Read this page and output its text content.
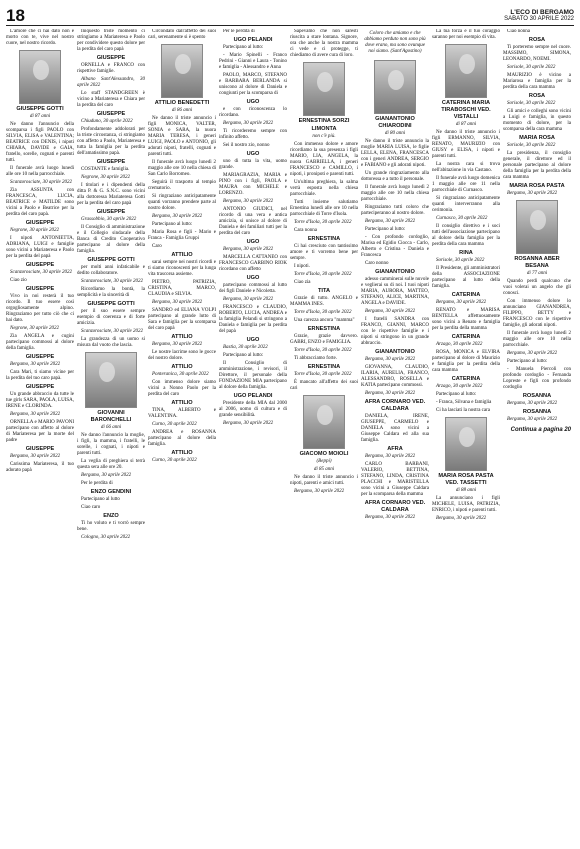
18	L'ECO DI BERGAMO
SABATO 30 APRILE 2022

L'amore che ci hai dato non è morto con te, vive nel nostro cuore, nel nostro ricordo.

GIUSEPPE GOTTI
di 87 anni

Ne danno l'annuncio della scomparsa i figli PAOLO con SILVIA, ELISA e VALENTINA; BEATRICE con DENIS, i nipoti CHIARA, DAVIDE e GAIA, fratello, sorelle, cognati e parenti tutti.

Il funerale avrà luogo lunedì alle ore 10 nella parrocchiale.

Scanzorosciate, 30 aprile 2022

Zia ASSUNTA con FRANCESCA, LUCIA, BEATRICE e MATILDE sono vicini a Paolo e Beatrice per la perdita del caro papà.

GIUSEPPE

Negrone, 30 aprile 2022

I nipoti ANTONIETTA, ADRIANA, LUIGI e famiglie sono vicini a Mariateresa e Paolo per la perdita del papà

GIUSEPPE

Scanzorosciate, 30 aprile 2022

Ciao zio

GIUSEPPE

Vivo in noi resterà il tuo ricordo. Il tuo essere così orgogliosamente alpino. Ringraziamo per tutto ciò che ci hai dato.

Negrone, 30 aprile 2022

Zia ANGELA e cugini partecipano commossi al dolore della famiglia.

GIUSEPPE

Bergamo, 30 aprile 2022

Cara Mari, ti siamo vicine per la perdita del tuo caro papà.

GIUSEPPE

Un grande abbraccio da tutte le tue girls SARA, PAOLA, LUISA, IRENE e CLORINDA.

Bergamo, 30 aprile 2022

ORNELLA e MARIO PAVONI partecipano con affetto al dolore di Mariateresa per la morte del padre

GIUSEPPE

Bergamo, 30 aprile 2022

Carissima Mariateresa, il tuo adorato papà

Iniquesto triste momento ci stringiamo a Mariateresa e Paolo per condividere questo dolore per la perdita del caro papà

GIUSEPPE

ORNELLA e FRANCO con rispettive famiglie.

Albano Sant'Alessandro, 30 aprile 2022

Lo staff STANDGREEN è vicino a Mariateresa e Chiara per la perdita del caro

GIUSEPPE

Chiuduno, 30 aprile 2022

Profondamente addolorati per la triste circostanza, ci stringiamo con affetto a Paolo, Mariateresa e tutta la famiglia per la perdita dell'amatissimo papà.

GIUSEPPE

COSTANTE e famiglia.

Negrone, 30 aprile 2022

I titolari e i dipendenti della ditta P. & G. S.N.C. sono vicini alla dottoressa Mariateresa Gotti per la perdita del caro papà

GIUSEPPE

Grassobbio, 30 aprile 2022

Il Consiglio di amministrazione e il Collegio sindacale della Banca di Credito Cooperativo partecipano al dolore della famiglia.

GIUSEPPE GOTTI

per molti anni infaticabile e dedito collaboratore.

Scanzorosciate, 30 aprile 2022

Ricordiamo la bontà, la semplicità e la sincerità di

GIUSEPPE GOTTI

per il suo essere sempre esempio di coerenza e di forte amicizia.

Scanzorosciate, 30 aprile 2022

La grandezza di un uomo si misura dal vuoto che lascia.

GIOVANNI BARONCHELLI
di 66 anni

Ne danno l'annuncio la moglie, i figli, la mamma, i fratelli, le sorelle, i cognati, i nipoti e parenti tutti.

La veglia di preghiera si terrà questa sera alle ore 20.

Bergamo, 30 aprile 2022

Per le perdita di

ENZO GENDINI

Partecipano al lutto

Ciao caro

ENZO

Ti ho voluto e ti vorrò sempre bene.

Cologno, 30 aprile 2022

Circondato dall'affetto dei suoi cari, serenamente si è spento

ATTILIO BENEDETTI
di 86 anni

Ne danno il triste annuncio i figli MONICA, VALTER, SONIA e SARA, la nuora MARIA TERESA, i generi LUIGI, PAOLO e ANTONIO, gli adorati nipoti, fratelli, cognati e parenti tutti.

Il funerale avrà luogo lunedì 2 maggio alle ore 10 nella chiesa di San Carlo Borromeo.

Seguirà il trasporto al tempio crematorio.

Si ringraziano anticipatamente quanti vorranno prendere parte al nostro dolore.

Bergamo, 30 aprile 2022

Partecipano al lutto:

Maria Rosa e figli - Mario e Franca - Famiglia Gruppi

Caro

ATTILIO

sarai sempre nei nostri ricordi e ti siamo riconoscenti per la lunga vita trascorsa assieme.

PIETRO, PATRIZIA, CRISTINA, MARCO, CLAUDIA e SILVIA.

Bergamo, 30 aprile 2022

SANDRO ed ELIANA VOLPI partecipano al grande lutto di Sara e famiglia per la scomparsa del caro papà

ATTILIO

Bergamo, 30 aprile 2022

Le nostre lacrime sono le gocce del nostro dolore.

ATTILIO

Ponteranica, 30 aprile 2022

Con immenso dolore siamo vicini a Nonno Paolo per la perdita del caro

ATTILIO

TINA, ALBERTO e VALENTINA.

Curno, 30 aprile 2022

ANDREA e ROSANNA partecipano al dolore della famiglia.

ATTILIO

Curno, 30 aprile 2022

Per le perdita di

UGO PELANDI

Partecipano al lutto:

- Mario Spinelli - Franco Pedrini - Gianni e Laura - Tonino e famiglia - Alessandro e Anna

PAOLO, MARCO, STEFANO e BARBARA BERLANDA si uniscono al dolore di Daniela e congiunti per la scomparsa di

UGO

e con riconoscenza lo ricordano.

Bergamo, 30 aprile 2022

Ti ricorderemo sempre con infinito affetto.

Sei il nostro zio, nonno

UGO

uno di tutta la vita, uomo grande.

MARIAGRAZIA, MARIA e PINO con i figli, PAOLA e MAURA con MICHELE e LORENZO.

Bergamo, 30 aprile 2022

ANTONIO GIUDICI, nel ricordo di una vera e antica amicizia, si unisce al dolore di Daniela e dei familiari tutti per la perdita del caro

UGO

Bergamo, 30 aprile 2022

MARCELLA CATTANEO con FRANCESCO GARBINO RIOK ricordano con affetto

UGO

partecipano commossi al lutto dei figli Daniele e Nicoletta.

Bergamo, 30 aprile 2022

FRANCESCO e CLAUDIO, ROBERTO, LUCIA, ANDREA e la famiglia Pelandi si stringono a Daniela e famiglia per la perdita del papà

UGO

Bastia, 30 aprile 2022

Partecipano al lutto:

Il Consiglio di amministrazione, i revisori, il Direttore, il personale della FONDAZIONE MIA partecipano al dolore della famiglia.

UGO PELANDI

Presidente della MIA dal 2000 al 2006, uomo di cultura e di grande sensibilità.

Bergamo, 30 aprile 2022

Sapevamo che non saresti riuscita a stare lontana. Signore, ora che anche la nostra mamma ci vede e ci protegge, ti chiediamo di avere cura di loro.

ERNESTINA SORZI
LIMONTA
non c'è più.

Con immenso dolore e amore ricordiamo la sua presenza i figli MARIO, LIA, ANGELA, la nuora GABRIELLA, i generi FRANCESCO e CAMILLO, i nipoti, i pronipoti e parenti tutti.

Un'ultima preghiera, la salma verrà esposta nella chiesa parrocchiale.

Tutti insieme salutiamo Ernestina lunedì alle ore 10 nella parrocchiale di Torre d'Isola.

Torre d'Isola, 30 aprile 2022

Cara nonna

ERNESTINA

Ci hai cresciuto con tantissimo amore e ti vorremo bene per sempre.

I nipoti.

Torre d'Isola, 30 aprile 2022

Ciao zia

TITA

Grazie di tutto. ANGELO e MAMMA INES.

Torre d'Isola, 30 aprile 2022

Una carezza ancora "mamma"

ERNESTINA

Grazie, grazie davvero. GABRI, ENZO e FAMIGLIA.

Torre d'Isola, 30 aprile 2022

Ti abbracciamo forte.

ERNESTINA

Torre d'Isola, 30 aprile 2022

È mancato all'affetto dei suoi cari

GIACOMO MOIOLI
(Beppi)
di 85 anni

Ne danno il triste annuncio i nipoti, parenti e amici tutti.

Bergamo, 30 aprile 2022

Coloro che amiamo e che abbiamo perduto non sono più dove erano, ma sono ovunque noi siamo. (Sant'Agostino)
GIANANTONIO CHIARODINI
di 80 anni

Ne danno il triste annuncio la moglie MARIA LUISA, le figlie LELLA, ELENA, FRANCESCA con i generi ANDREA, SERGIO e FABIANO e gli adorati nipoti.

Un grande ringraziamento alla dottoressa e a tutto il personale.

Il funerale avrà luogo lunedì 2 maggio alle ore 10 nella chiesa parrocchiale.

Ringraziamo tutti coloro che parteciperanno al nostro dolore.

Bergamo, 30 aprile 2022

Partecipano al lutto:

- Con profondo cordoglio, Marisa ed Egidio Ciocca - Carlo, Alberto e Cristina - Daniela e Francesca

Caro nonno

GIANANTONIO

adesso camminerai sulle nuvole e veglierai su di noi. I tuoi nipoti MARIA, AURORA, MATTEO, STEFANO, ALICE, MARTINA, ANGELA e DAVIDE.

Bergamo, 30 aprile 2022

I fratelli SANDRA con FRANCO, GIANNI, MARCO con le rispettive famiglie e i nipoti si stringono in un grande abbraccio.

GIANANTONIO

Bergamo, 30 aprile 2022

GIOVANNA, CLAUDIO, ILARIA, AURELIA, FRANCO, ALESSANDRO, ROSELLA e KATIA partecipano commossi.

Bergamo, 30 aprile 2022

AFRA CORNARO VED. CALDARA

DANIELA, IRENE, GIUSEPPE, CARMELO e DANIELA sono vicini a Giuseppe Caldara ed alla sua famiglia.

AFRA

Bergamo, 30 aprile 2022

CARLO BARBANI, VALERIO, BETTINA, STEFANO, LINDA, CRISTINA PLACCHI e MARISTELLA sono vicini a Giuseppe Caldara per la scomparsa della mamma

AFRA CORNARO VED. CALDARA

Bergamo, 30 aprile 2022

La tua forza e il tuo coraggio saranno per noi esempio di vita.

CATERINA MARIA TIRABOSCHI VED. VISTALLI
di 87 anni

Ne danno il triste annuncio i figli ERMANNO, SILVIA, RENATO, MAURIZIO con GIUSY e ELISA, i nipoti e parenti tutti.

La nostra cara si trova nell'abitazione in via Castano.

Il funerale avrà luogo domenica 1 maggio alle ore 11 nella parrocchiale di Curnasco.

Si ringraziano anticipatamente quanti interverranno alla cerimonia.

Curnasco, 30 aprile 2022

Il consiglio direttivo e i soci tutti dell'associazione partecipano al dolore della famiglia per la perdita della cara mamma

RINA

Sorisole, 30 aprile 2022

Il Presidente, gli amministratori della ASSOCIAZIONE partecipano al lutto della famiglia.

CATERINA

Bergamo, 30 aprile 2022

RENATO e MARISA BENTELLA affettuosamente sono vicini a Renato e famiglia per la perdita della mamma

CATERINA

Arzago, 30 aprile 2022

ROSA, MONICA e ELVIRA partecipano al dolore di Maurizio e famiglia per la perdita della cara mamma

CATERINA

Arzago, 30 aprile 2022

Partecipano al lutto:

- Franca, Silvana e famiglia

Ci ha lasciati la nostra cara

MARIA ROSA PASTA VED. TASSETTI
di 88 anni

La annunciano i figli MICHELE, LUISA, PATRIZIA, ENRICO, i nipoti e parenti tutti.

Bergamo, 30 aprile 2022

Ciao nonna

ROSA

Ti porteremo sempre nel cuore. MASSIMO, SIMONA, LEONARDO, NOEMI.

Sorisole, 30 aprile 2022

MAURIZIO è vicino a Mariarosa e famiglia per la perdita della cara mamma

ROSA

Sorisole, 30 aprile 2022

Gli amici e colleghi sono vicini a Luigi e famiglia, in questo momento di dolore, per la scomparsa della cara mamma

MARIA ROSA

Sorisole, 30 aprile 2022

La presidenza, il consiglio generale, il direttore ed il personale partecipano al dolore della famiglia per la perdita della cara mamma

MARIA ROSA PASTA

Bergamo, 30 aprile 2022

ROSANNA ABER BESANA
di 77 anni

Quando perdi qualcuno che vuoi volerai un angelo che gli conosci.

Con immenso dolore lo annunciano GIANANDREA, FILIPPO, BETTY e FRANCESCO con le rispettive famiglie, gli adorati nipoti.

Il funerale avrà luogo lunedì 2 maggio alle ore 10 nella parrocchiale.

Bergamo, 30 aprile 2022

Partecipano al lutto:

- Manuela Piercoli con profondo cordoglio - Fernanda Lopreste e figli con profondo cordoglio

ROSANNA

Bergamo, 30 aprile 2022

ROSANNA

Bergamo, 30 aprile 2022

Continua a pagina 20
